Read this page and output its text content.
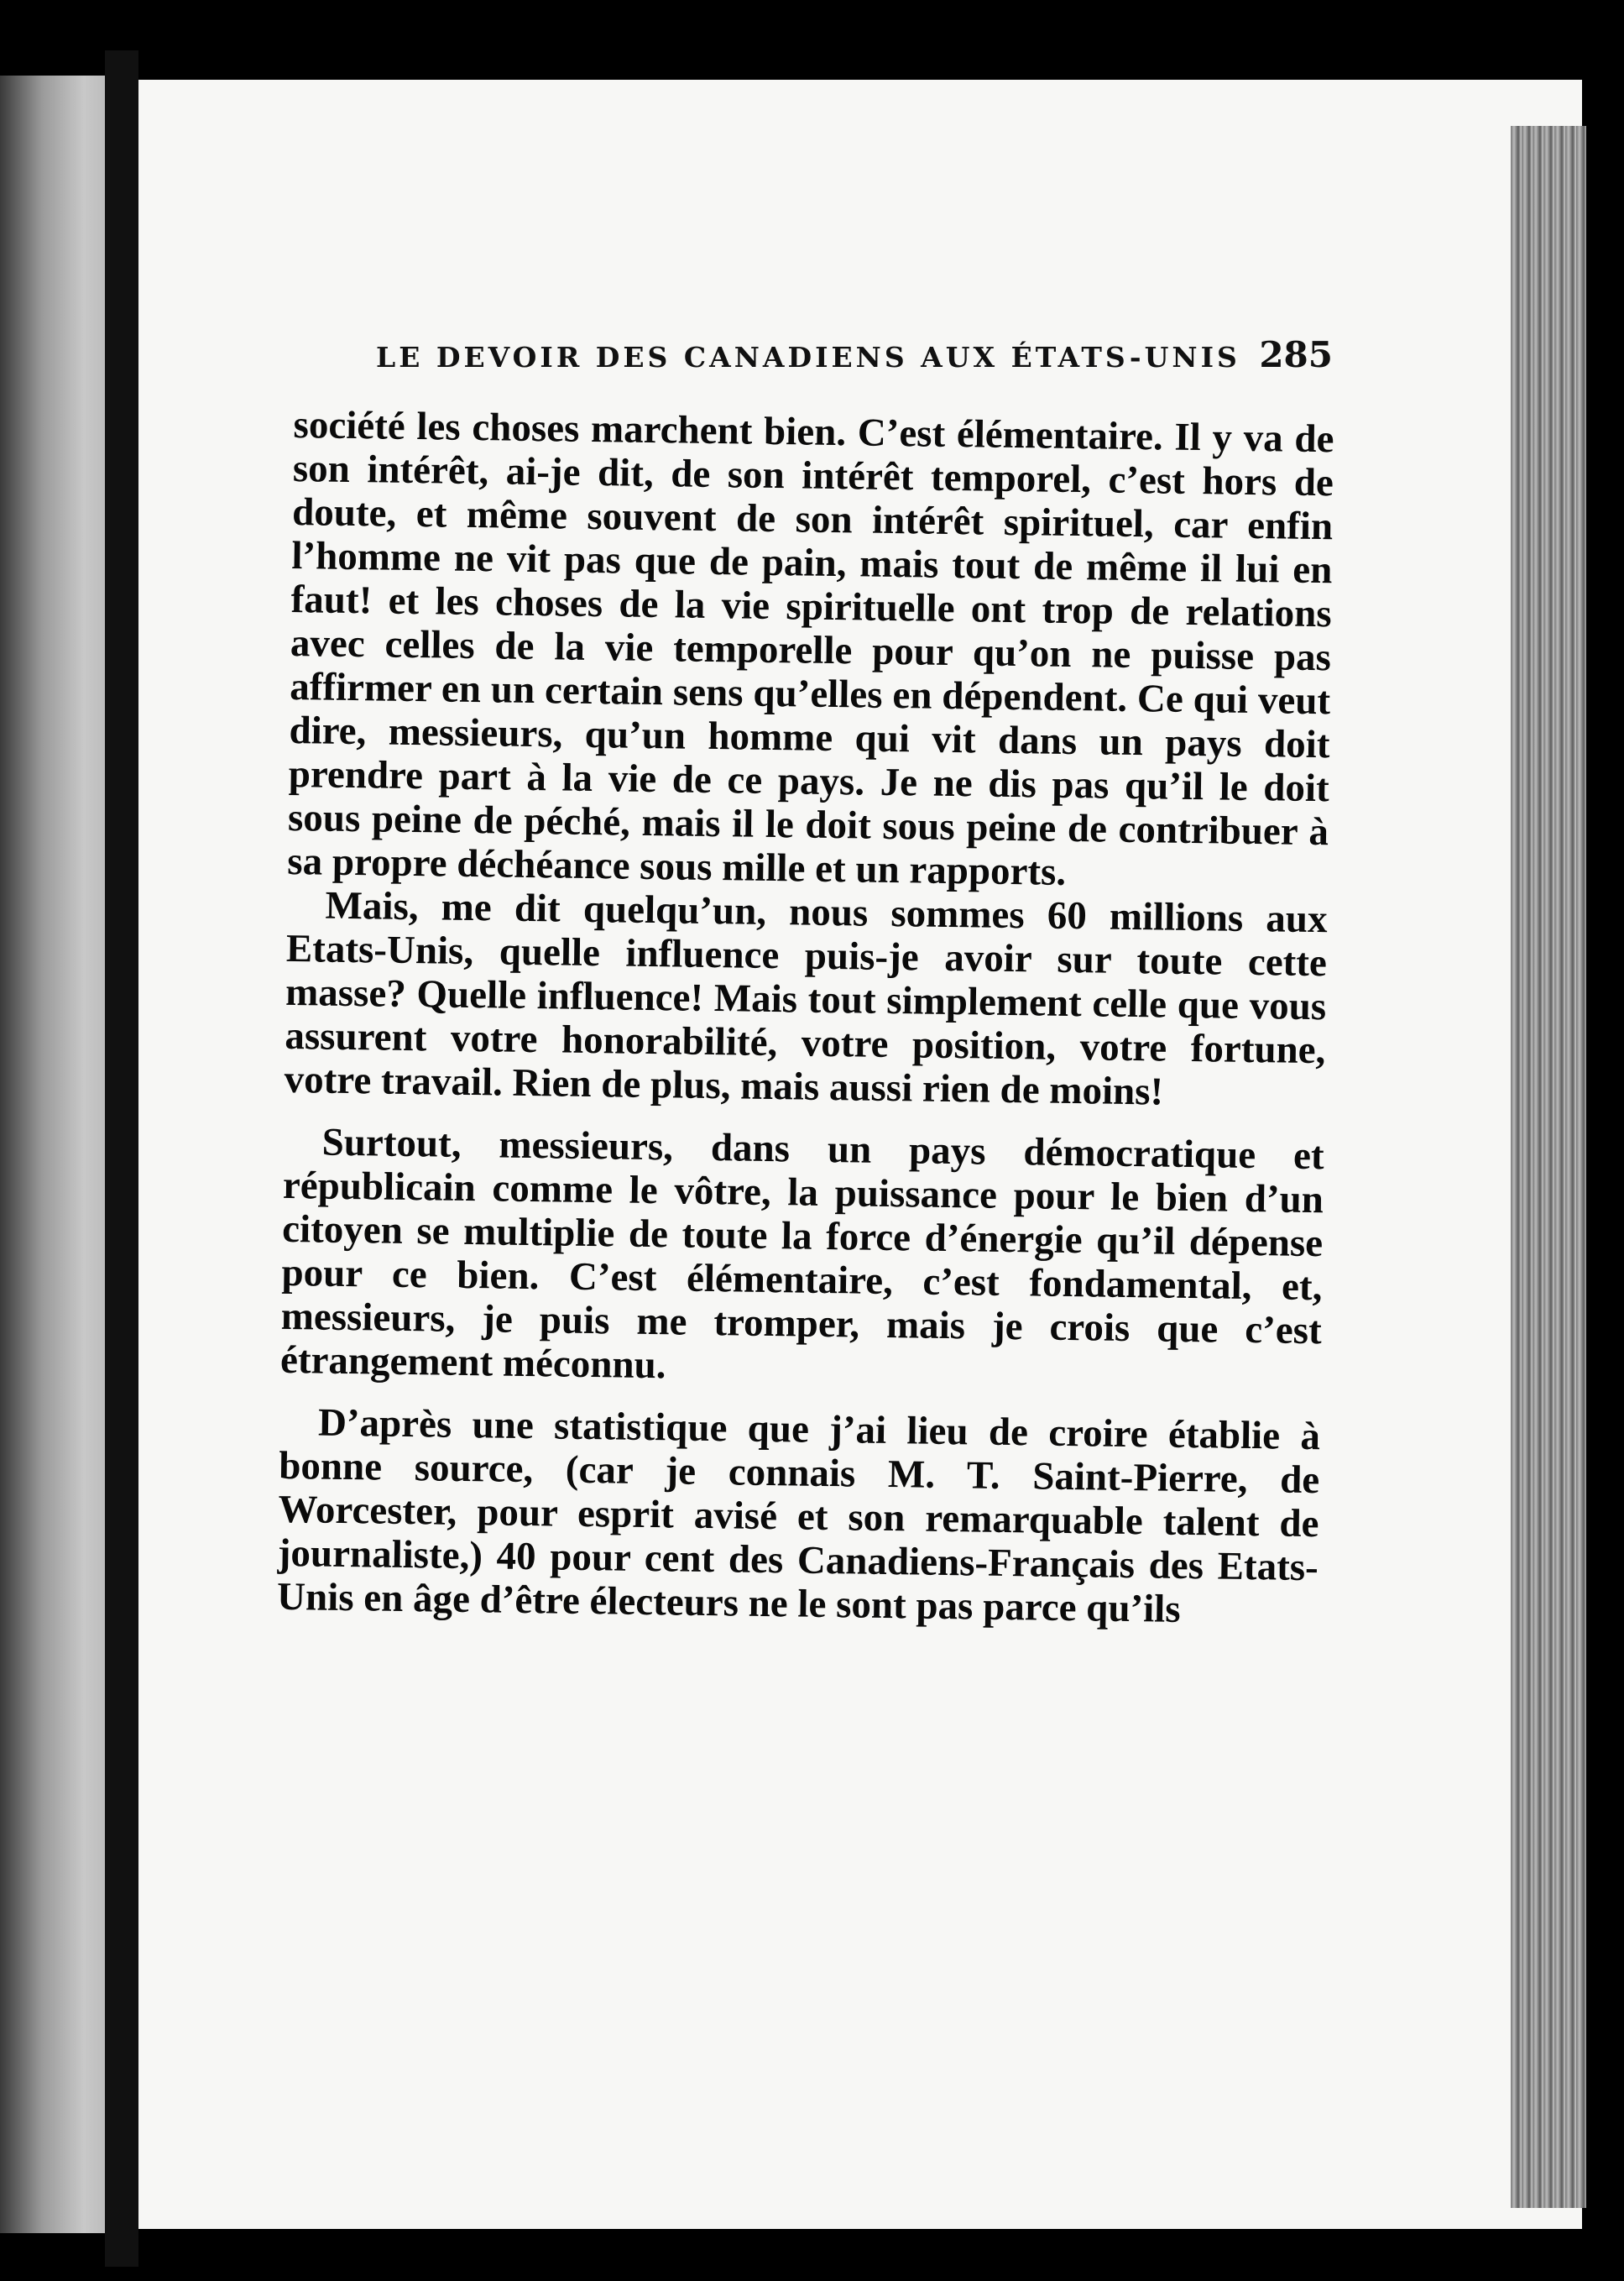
LE DEVOIR DES CANADIENS AUX ÉTATS-UNIS 285

société les choses marchent bien. C’est élémentaire. Il y va de son intérêt, ai-je dit, de son intérêt temporel, c’est hors de doute, et même souvent de son intérêt spirituel, car enfin l’homme ne vit pas que de pain, mais tout de même il lui en faut! et les choses de la vie spirituelle ont trop de relations avec celles de la vie temporelle pour qu’on ne puisse pas affirmer en un certain sens qu’elles en dépendent. Ce qui veut dire, messieurs, qu’un homme qui vit dans un pays doit prendre part à la vie de ce pays. Je ne dis pas qu’il le doit sous peine de péché, mais il le doit sous peine de contribuer à sa propre déchéance sous mille et un rapports.

Mais, me dit quelqu’un, nous sommes 60 millions aux Etats-Unis, quelle influence puis-je avoir sur toute cette masse? Quelle influence! Mais tout simplement celle que vous assurent votre honorabilité, votre position, votre fortune, votre travail. Rien de plus, mais aussi rien de moins!

Surtout, messieurs, dans un pays démocratique et républicain comme le vôtre, la puissance pour le bien d’un citoyen se multiplie de toute la force d’énergie qu’il dépense pour ce bien. C’est élémentaire, c’est fondamental, et, messieurs, je puis me tromper, mais je crois que c’est étrangement méconnu.

D’après une statistique que j’ai lieu de croire établie à bonne source, (car je connais M. T. Saint-Pierre, de Worcester, pour esprit avisé et son remarquable talent de journaliste,) 40 pour cent des Canadiens-Français des Etats-Unis en âge d’être électeurs ne le sont pas parce qu’ils
